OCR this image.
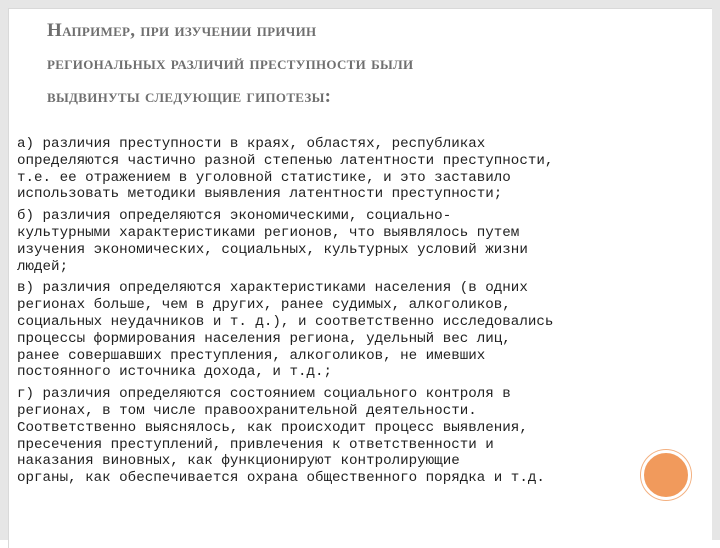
Например, при изучении причин
региональных различий преступности были
выдвинуты следующие гипотезы:

а) различия преступности в краях, областях, республиках
определяются частично разной степенью латентности преступности,
т.е. ее отражением в уголовной статистике, и это заставило
использовать методики выявления латентности преступности;

б) различия определяются экономическими, социально-
культурными характеристиками регионов, что выявлялось путем
изучения экономических, социальных, культурных условий жизни
людей;

в) различия определяются характеристиками населения (в одних
регионах больше, чем в других, ранее судимых, алкоголиков,
социальных неудачников и т. д.), и соответственно исследовались
процессы формирования населения региона, удельный вес лиц,
ранее совершавших преступления, алкоголиков, не имевших
постоянного источника дохода, и т.д.;

г) различия определяются состоянием социального контроля в
регионах, в том числе правоохранительной деятельности.
Соответственно выяснялось, как происходит процесс выявления,
пресечения преступлений, привлечения к ответственности и
наказания виновных, как функционируют контролирующие
органы, как обеспечивается охрана общественного порядка и т.д.
